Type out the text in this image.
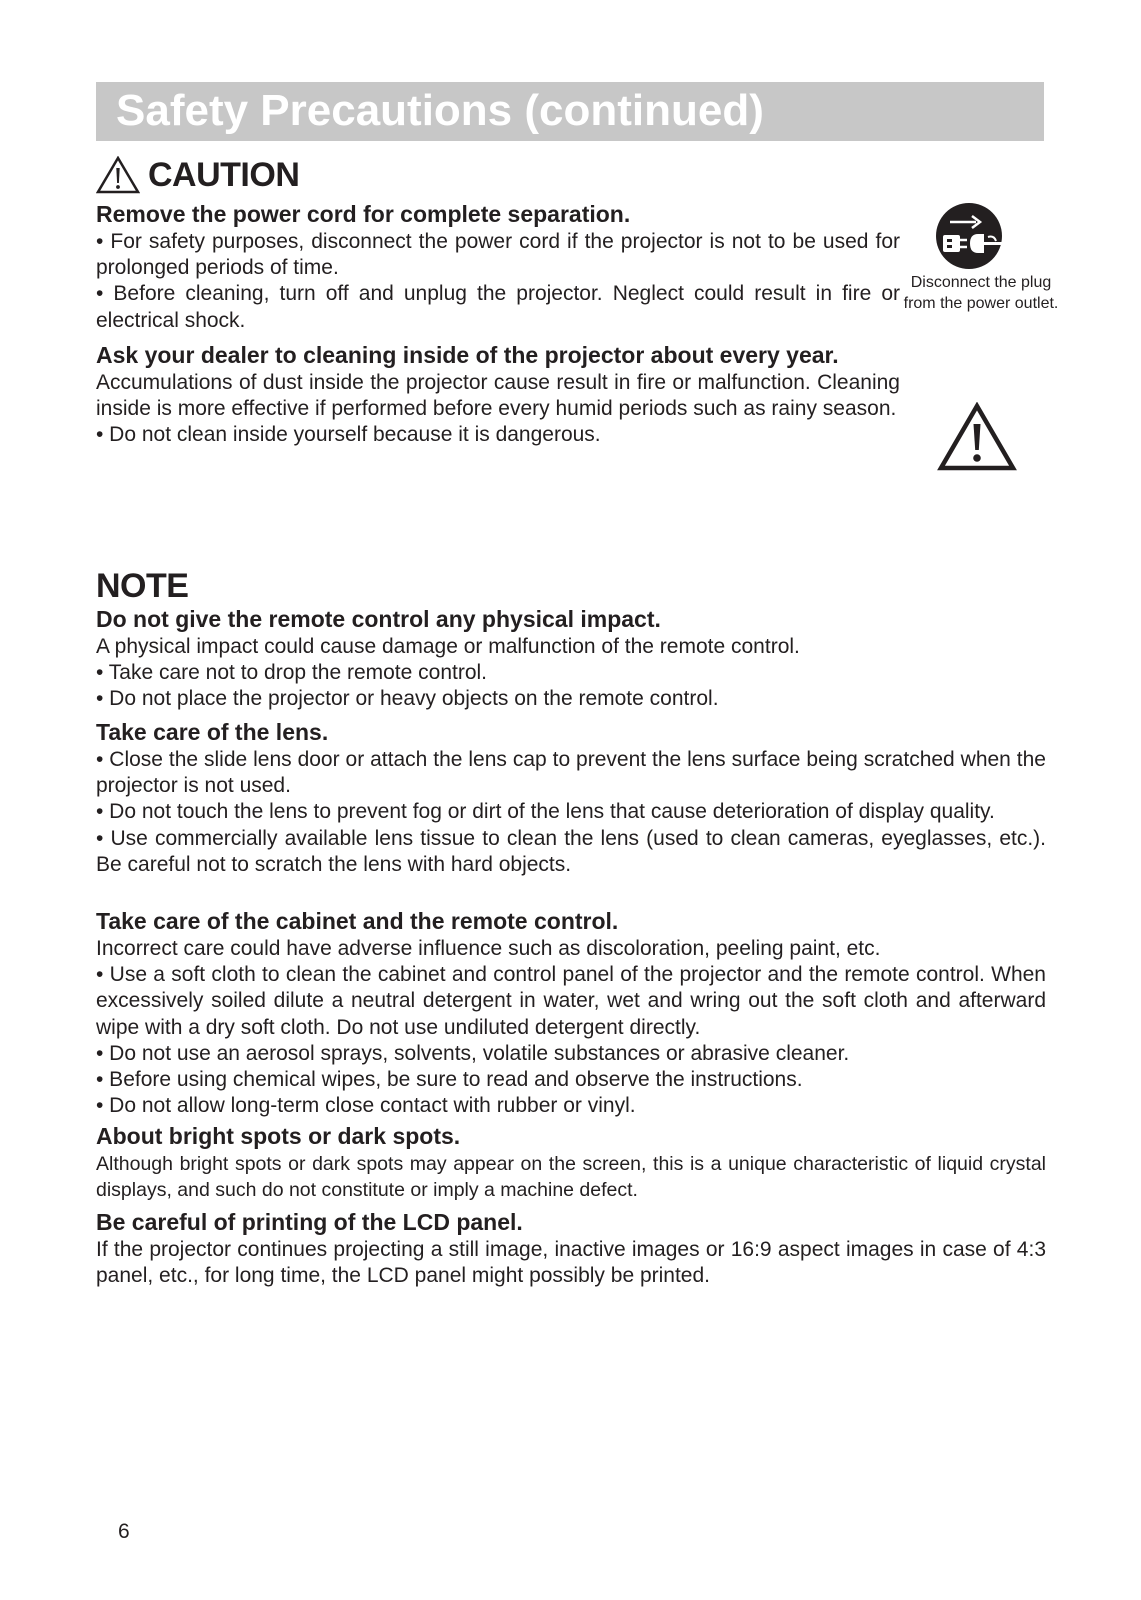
Safety Precautions (continued)
CAUTION
Remove the power cord for complete separation.

• For safety purposes, disconnect the power cord if the projector is not to be used for prolonged periods of time.

• Before cleaning, turn off and unplug the projector. Neglect could result in fire or electrical shock.

Ask your dealer to cleaning inside of the projector about every year.

Accumulations of dust inside the projector cause result in fire or malfunction. Cleaning inside is more effective if performed before every humid periods such as rainy season.

• Do not clean inside yourself because it is dangerous.

Disconnect the plug from the power outlet.
NOTE
Do not give the remote control any physical impact.

A physical impact could cause damage or malfunction of the remote control.

• Take care not to drop the remote control.

• Do not place the projector or heavy objects on the remote control.

Take care of the lens.

• Close the slide lens door or attach the lens cap to prevent the lens surface being scratched when the projector is not used.

• Do not touch the lens to prevent fog or dirt of the lens that cause deterioration of display quality.

• Use commercially available lens tissue to clean the lens (used to clean cameras, eyeglasses, etc.). Be careful not to scratch the lens with hard objects.

Take care of the cabinet and the remote control.

Incorrect care could have adverse influence such as discoloration, peeling paint, etc.

• Use a soft cloth to clean the cabinet and control panel of the projector and the remote control. When excessively soiled dilute a neutral detergent in water, wet and wring out the soft cloth and afterward wipe with a dry soft cloth. Do not use undiluted detergent directly.

• Do not use an aerosol sprays, solvents, volatile substances or abrasive cleaner.

• Before using chemical wipes, be sure to read and observe the instructions.

• Do not allow long-term close contact with rubber or vinyl.

About bright spots or dark spots.

Although bright spots or dark spots may appear on the screen, this is a unique characteristic of liquid crystal displays, and such do not constitute or imply a machine defect.

Be careful of printing of the LCD panel.

If the projector continues projecting a still image, inactive images or 16:9 aspect images in case of 4:3 panel, etc., for long time, the LCD panel might possibly be printed.

6
